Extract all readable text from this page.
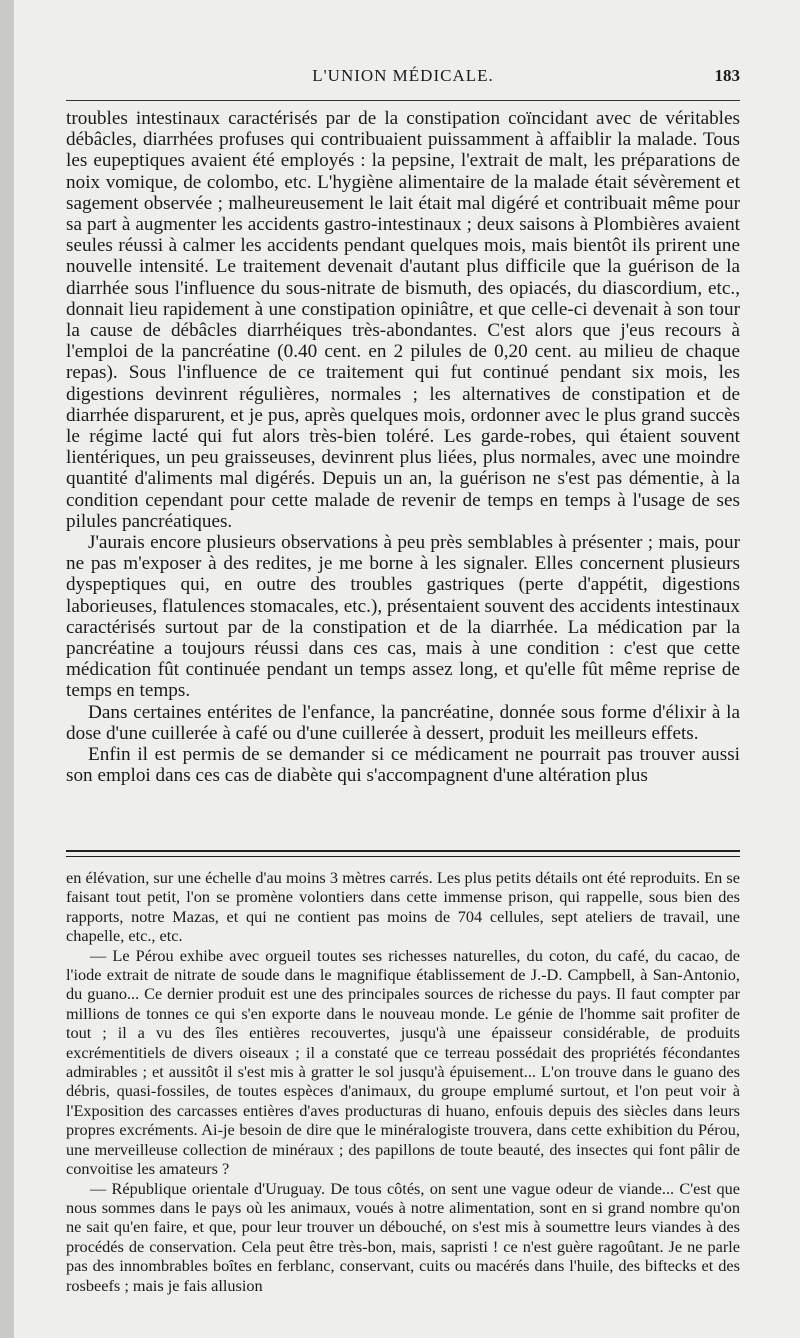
L'UNION MÉDICALE.	183

troubles intestinaux caractérisés par de la constipation coïncidant avec de véritables débâcles, diarrhées profuses qui contribuaient puissamment à affaiblir la malade. Tous les eupeptiques avaient été employés : la pepsine, l'extrait de malt, les préparations de noix vomique, de colombo, etc. L'hygiène alimentaire de la malade était sévèrement et sagement observée ; malheureusement le lait était mal digéré et contribuait même pour sa part à augmenter les accidents gastro-intestinaux ; deux saisons à Plombières avaient seules réussi à calmer les accidents pendant quelques mois, mais bientôt ils prirent une nouvelle intensité. Le traitement devenait d'autant plus difficile que la guérison de la diarrhée sous l'influence du sous-nitrate de bismuth, des opiacés, du diascordium, etc., donnait lieu rapidement à une constipation opiniâtre, et que celle-ci devenait à son tour la cause de débâcles diarrhéiques très-abondantes. C'est alors que j'eus recours à l'emploi de la pancréatine (0.40 cent. en 2 pilules de 0,20 cent. au milieu de chaque repas). Sous l'influence de ce traitement qui fut continué pendant six mois, les digestions devinrent régulières, normales ; les alternatives de constipation et de diarrhée disparurent, et je pus, après quelques mois, ordonner avec le plus grand succès le régime lacté qui fut alors très-bien toléré. Les garde-robes, qui étaient souvent lientériques, un peu graisseuses, devinrent plus liées, plus normales, avec une moindre quantité d'aliments mal digérés. Depuis un an, la guérison ne s'est pas démentie, à la condition cependant pour cette malade de revenir de temps en temps à l'usage de ses pilules pancréatiques.

J'aurais encore plusieurs observations à peu près semblables à présenter ; mais, pour ne pas m'exposer à des redites, je me borne à les signaler. Elles concernent plusieurs dyspeptiques qui, en outre des troubles gastriques (perte d'appétit, digestions laborieuses, flatulences stomacales, etc.), présentaient souvent des accidents intestinaux caractérisés surtout par de la constipation et de la diarrhée. La médication par la pancréatine a toujours réussi dans ces cas, mais à une condition : c'est que cette médication fût continuée pendant un temps assez long, et qu'elle fût même reprise de temps en temps.

Dans certaines entérites de l'enfance, la pancréatine, donnée sous forme d'élixir à la dose d'une cuillerée à café ou d'une cuillerée à dessert, produit les meilleurs effets.

Enfin il est permis de se demander si ce médicament ne pourrait pas trouver aussi son emploi dans ces cas de diabète qui s'accompagnent d'une altération plus

en élévation, sur une échelle d'au moins 3 mètres carrés. Les plus petits détails ont été reproduits. En se faisant tout petit, l'on se promène volontiers dans cette immense prison, qui rappelle, sous bien des rapports, notre Mazas, et qui ne contient pas moins de 704 cellules, sept ateliers de travail, une chapelle, etc., etc.

— Le Pérou exhibe avec orgueil toutes ses richesses naturelles, du coton, du café, du cacao, de l'iode extrait de nitrate de soude dans le magnifique établissement de J.-D. Campbell, à San-Antonio, du guano... Ce dernier produit est une des principales sources de richesse du pays. Il faut compter par millions de tonnes ce qui s'en exporte dans le nouveau monde. Le génie de l'homme sait profiter de tout ; il a vu des îles entières recouvertes, jusqu'à une épaisseur considérable, de produits excrémentitiels de divers oiseaux ; il a constaté que ce terreau possédait des propriétés fécondantes admirables ; et aussitôt il s'est mis à gratter le sol jusqu'à épuisement... L'on trouve dans le guano des débris, quasi-fossiles, de toutes espèces d'animaux, du groupe emplumé surtout, et l'on peut voir à l'Exposition des carcasses entières d'aves producturas di huano, enfouis depuis des siècles dans leurs propres excréments. Ai-je besoin de dire que le minéralogiste trouvera, dans cette exhibition du Pérou, une merveilleuse collection de minéraux ; des papillons de toute beauté, des insectes qui font pâlir de convoitise les amateurs ?

— République orientale d'Uruguay. De tous côtés, on sent une vague odeur de viande... C'est que nous sommes dans le pays où les animaux, voués à notre alimentation, sont en si grand nombre qu'on ne sait qu'en faire, et que, pour leur trouver un débouché, on s'est mis à soumettre leurs viandes à des procédés de conservation. Cela peut être très-bon, mais, sapristi ! ce n'est guère ragoûtant. Je ne parle pas des innombrables boîtes en ferblanc, conservant, cuits ou macérés dans l'huile, des biftecks et des rosbeefs ; mais je fais allusion
